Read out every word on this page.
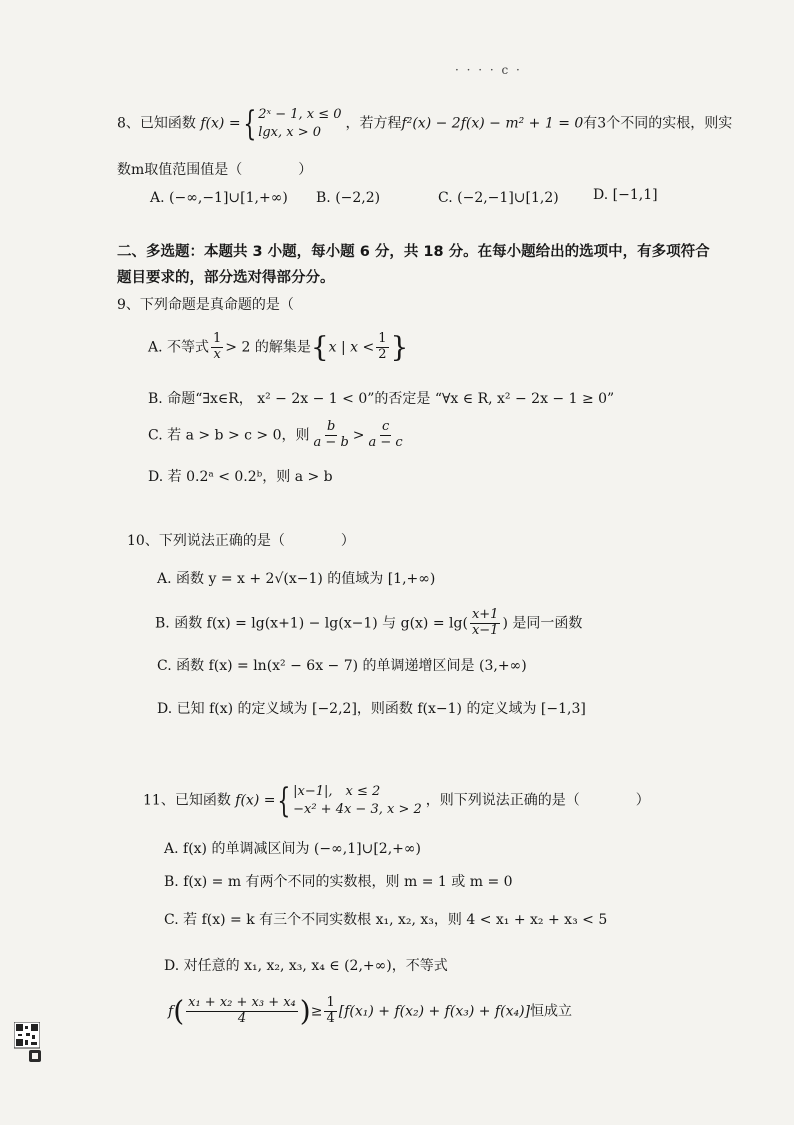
· · · · c ·
8、已知函数 f(x) ={ 2ˣ − 1, x ≤ 0
lgx, x > 0
，若方程f²(x) − 2f(x) − m² + 1 = 0有3个不同的实根，则实
数m取值范围值是（　　　　）
A. (−∞,−1]∪[1,+∞) B. (−2,2)	C. (−2,−1]∪[1,2) D. [−1,1]
二、多选题：本题共 3 小题，每小题 6 分，共 18 分。在每小题给出的选项中，有多项符合
题目要求的，部分选对得部分分。
9、下列命题是真命题的是（
A. 不等式 $\frac{1}{x} > 2$ 的解集是{x | $x < \frac{1}{2}$ }
B. 命题“∃x∈R， x² − 2x − 1 < 0”的否定是 “∀x ∈ R, x² − 2x − 1 ≥ 0”
C. 若 a > b > c > 0，则 $\frac{b}{a - b} > \frac{c}{a - c}$
D. 若 0.2ᵃ < 0.2ᵇ，则 a > b
10、下列说法正确的是（　　　　）
A. 函数 y = x + 2√(x−1) 的值域为 [1,+∞)
B. 函数 f(x) = lg(x+1) − lg(x−1) 与 $g(x) = \lg( \frac{x+1}{x-1}$ ) 是同一函数
C. 函数 f(x) = ln(x² − 6x − 7) 的单调递增区间是 (3,+∞)
D. 已知 f(x) 的定义域为 [−2,2]，则函数 f(x−1) 的定义域为 [−1,3]
11、已知函数 f(x) ={ |x−1|,　x ≤ 2
−x² + 4x − 3, x > 2
，则下列说法正确的是（　　　　）
A. f(x) 的单调减区间为 (−∞,1]∪[2,+∞)
B. f(x) = m 有两个不同的实数根，则 m = 1 或 m = 0
C. 若 f(x) = k 有三个不同实数根 x₁, x₂, x₃，则 4 < x₁ + x₂ + x₃ < 5
D. 对任意的 x₁, x₂, x₃, x₄ ∈ (2,+∞)，不等式
$f( \frac{\text{x₁ + x₂ + x₃ + x₄}}{4}$ )≥ $\frac{1}{4} [f(x_1) + f(x_2) + f(x_3) + f(x_4)]$恒成立
